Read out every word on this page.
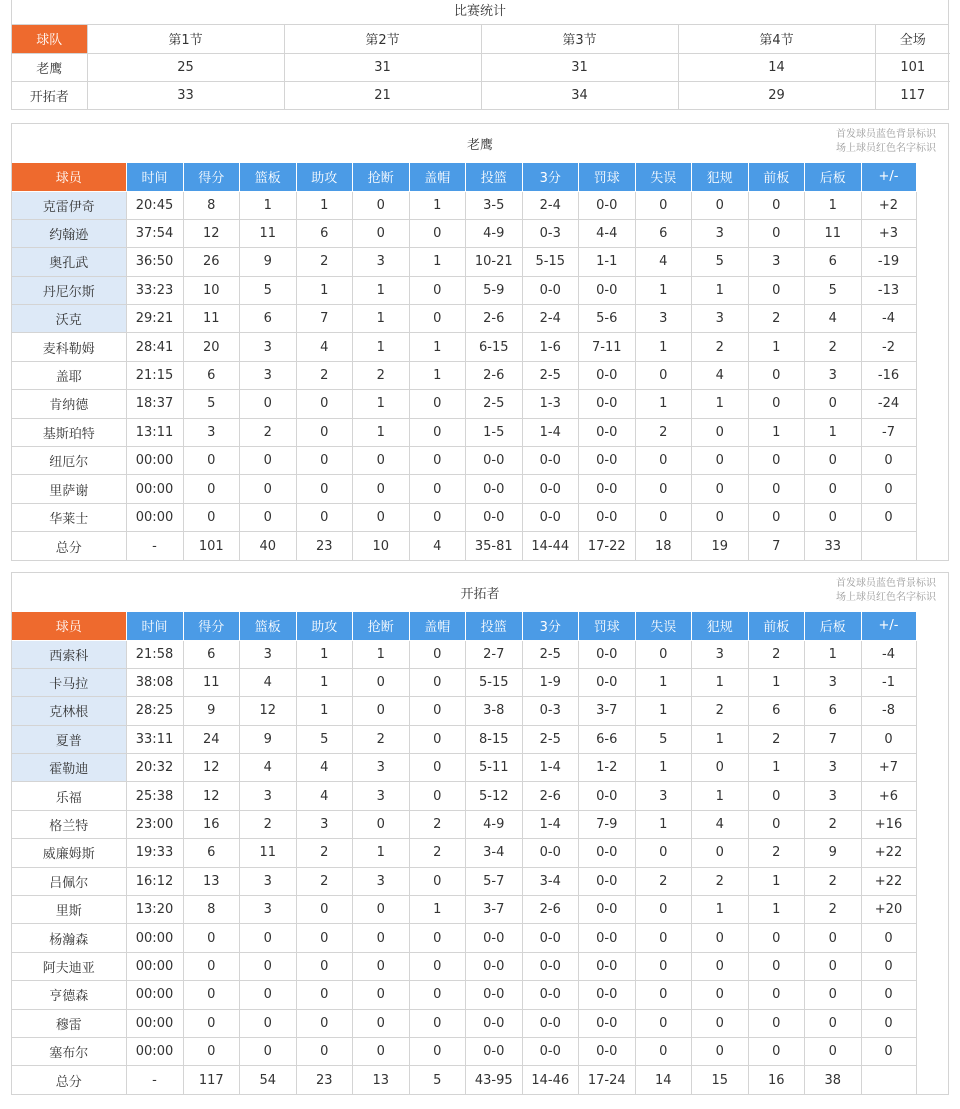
比赛统计
球队	第1节	第2节	第3节	第4节	全场
老鹰	25	31	31	14	101
开拓者	33	21	34	29	117
老鹰
首发球员蓝色背景标识
场上球员红色名字标识
球员	时间	得分	篮板	助攻	抢断	盖帽	投篮	3分	罚球	失误	犯规	前板	后板	+/-
克雷伊奇	20:45	8	1	1	0	1	3-5	2-4	0-0	0	0	0	1	+2
约翰逊	37:54	12	11	6	0	0	4-9	0-3	4-4	6	3	0	11	+3
奥孔武	36:50	26	9	2	3	1	10-21	5-15	1-1	4	5	3	6	-19
丹尼尔斯	33:23	10	5	1	1	0	5-9	0-0	0-0	1	1	0	5	-13
沃克	29:21	11	6	7	1	0	2-6	2-4	5-6	3	3	2	4	-4
麦科勒姆	28:41	20	3	4	1	1	6-15	1-6	7-11	1	2	1	2	-2
盖耶	21:15	6	3	2	2	1	2-6	2-5	0-0	0	4	0	3	-16
肯纳德	18:37	5	0	0	1	0	2-5	1-3	0-0	1	1	0	0	-24
基斯珀特	13:11	3	2	0	1	0	1-5	1-4	0-0	2	0	1	1	-7
纽厄尔	00:00	0	0	0	0	0	0-0	0-0	0-0	0	0	0	0	0
里萨谢	00:00	0	0	0	0	0	0-0	0-0	0-0	0	0	0	0	0
华莱士	00:00	0	0	0	0	0	0-0	0-0	0-0	0	0	0	0	0
总分	-	101	40	23	10	4	35-81	14-44	17-22	18	19	7	33	
开拓者
首发球员蓝色背景标识
场上球员红色名字标识
球员	时间	得分	篮板	助攻	抢断	盖帽	投篮	3分	罚球	失误	犯规	前板	后板	+/-
西索科	21:58	6	3	1	1	0	2-7	2-5	0-0	0	3	2	1	-4
卡马拉	38:08	11	4	1	0	0	5-15	1-9	0-0	1	1	1	3	-1
克林根	28:25	9	12	1	0	0	3-8	0-3	3-7	1	2	6	6	-8
夏普	33:11	24	9	5	2	0	8-15	2-5	6-6	5	1	2	7	0
霍勒迪	20:32	12	4	4	3	0	5-11	1-4	1-2	1	0	1	3	+7
乐福	25:38	12	3	4	3	0	5-12	2-6	0-0	3	1	0	3	+6
格兰特	23:00	16	2	3	0	2	4-9	1-4	7-9	1	4	0	2	+16
威廉姆斯	19:33	6	11	2	1	2	3-4	0-0	0-0	0	0	2	9	+22
吕佩尔	16:12	13	3	2	3	0	5-7	3-4	0-0	2	2	1	2	+22
里斯	13:20	8	3	0	0	1	3-7	2-6	0-0	0	1	1	2	+20
杨瀚森	00:00	0	0	0	0	0	0-0	0-0	0-0	0	0	0	0	0
阿夫迪亚	00:00	0	0	0	0	0	0-0	0-0	0-0	0	0	0	0	0
亨德森	00:00	0	0	0	0	0	0-0	0-0	0-0	0	0	0	0	0
穆雷	00:00	0	0	0	0	0	0-0	0-0	0-0	0	0	0	0	0
塞布尔	00:00	0	0	0	0	0	0-0	0-0	0-0	0	0	0	0	0
总分	-	117	54	23	13	5	43-95	14-46	17-24	14	15	16	38	
